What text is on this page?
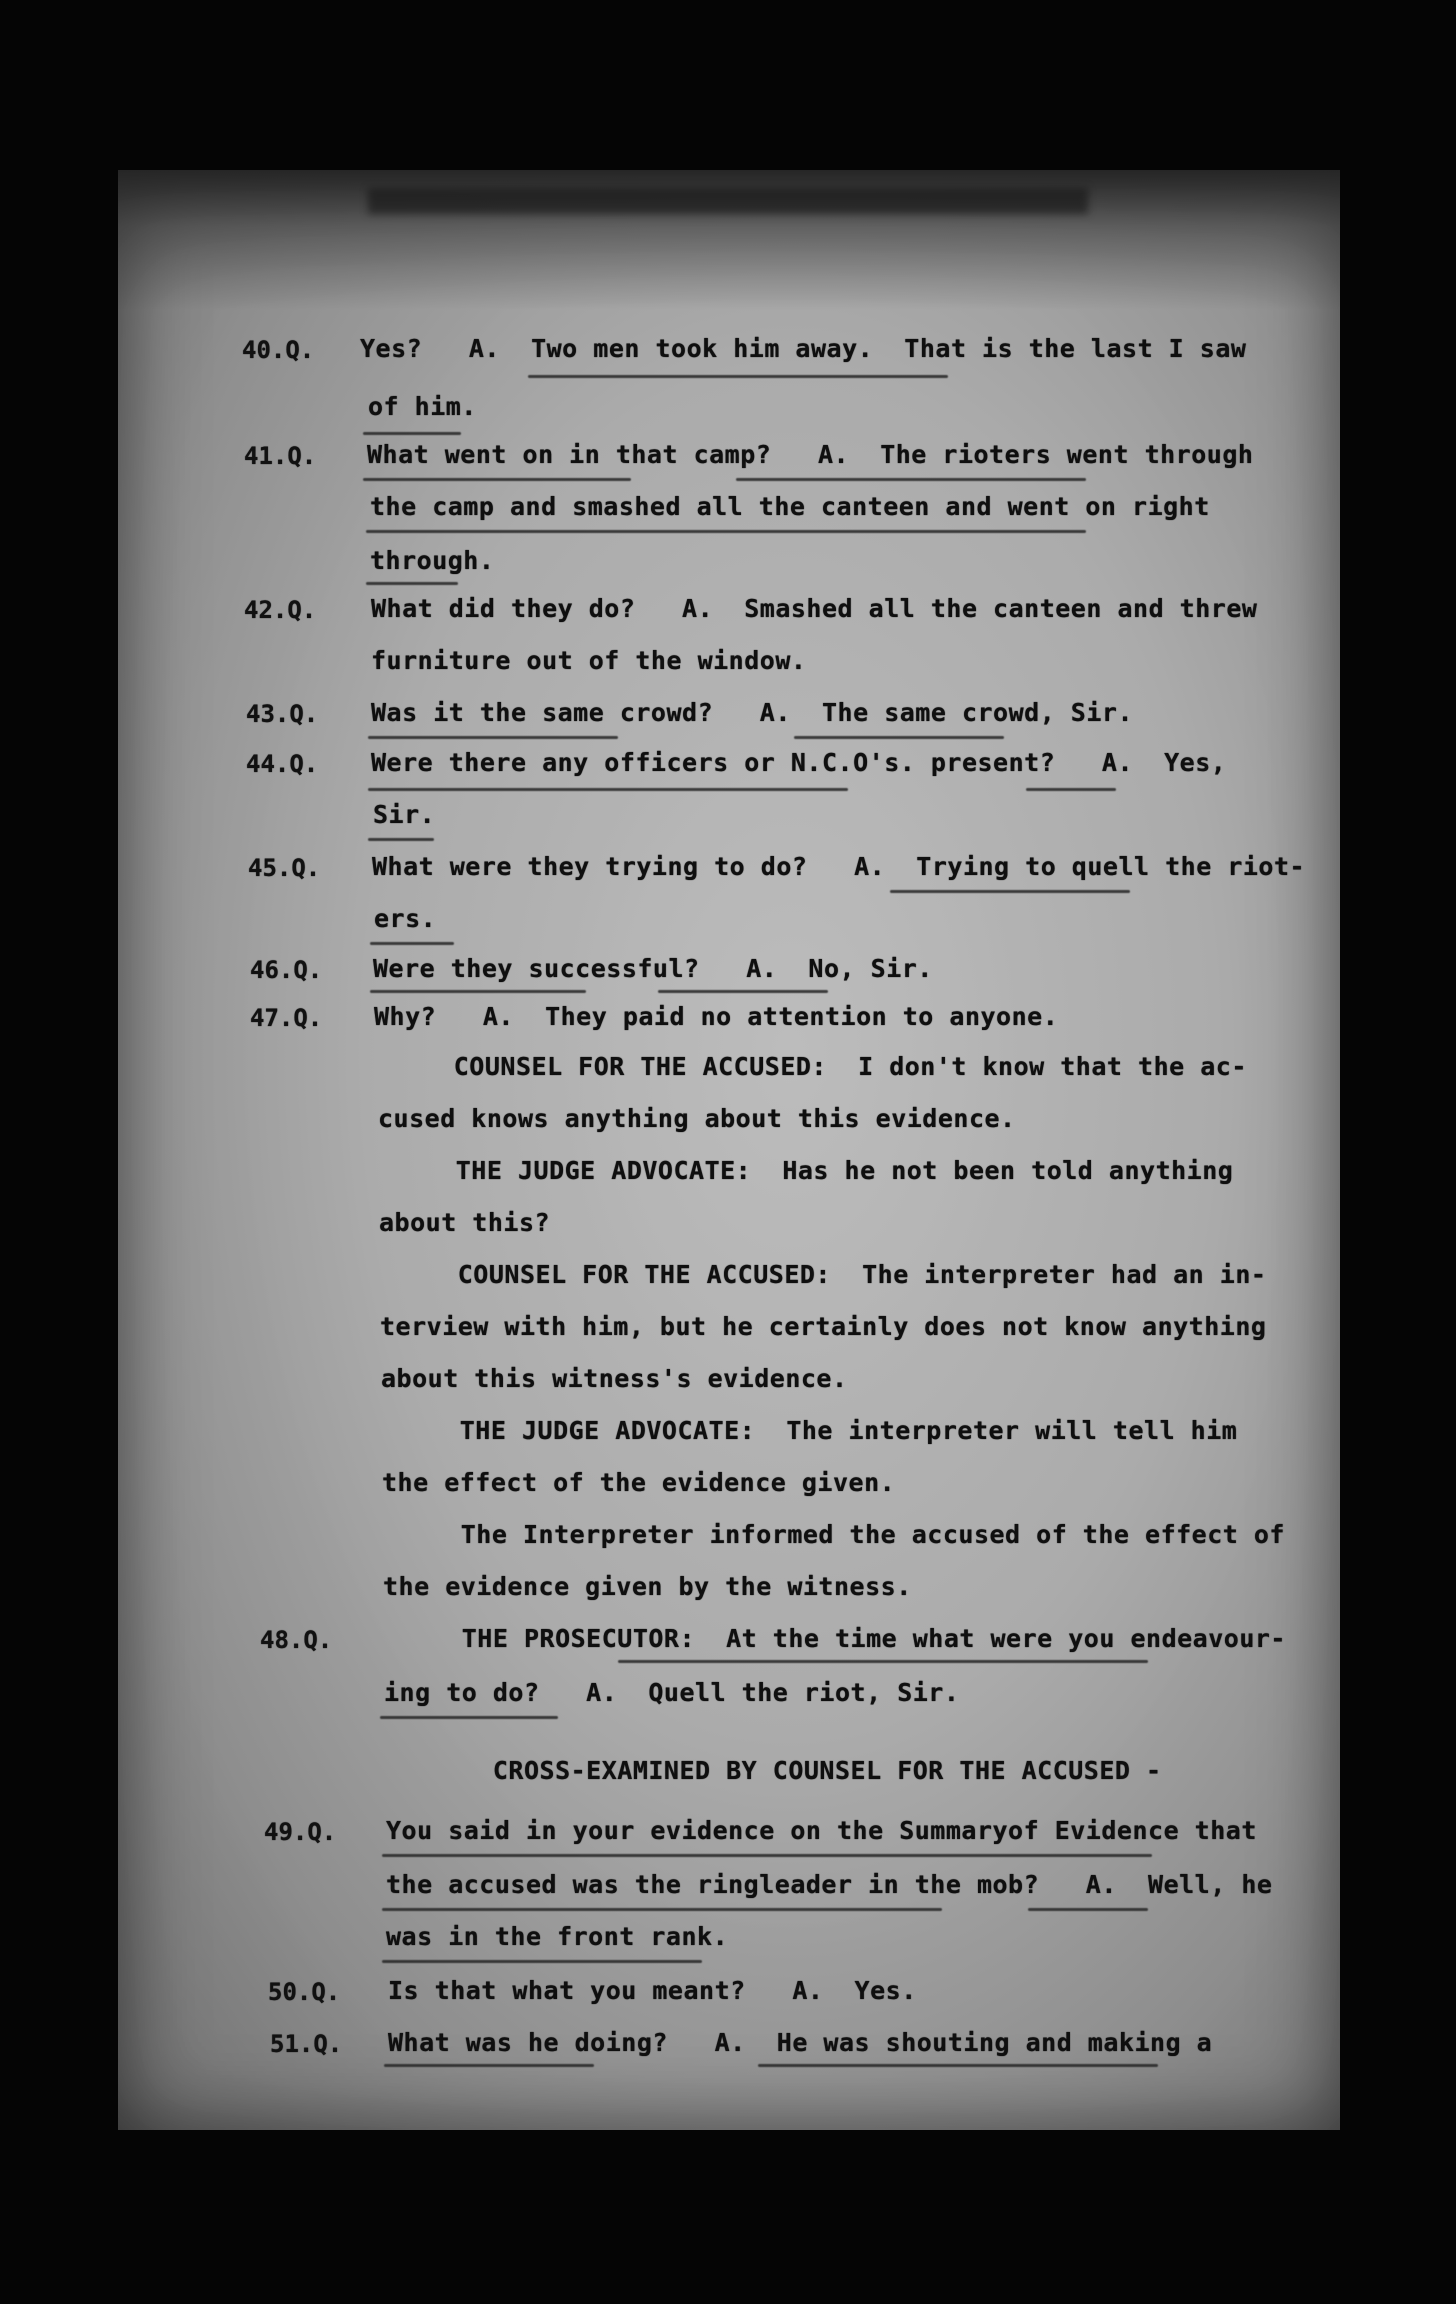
40.Q. Yes?   A.  Two men took him away.  That is the last I saw
of him.
41.Q. What went on in that camp?   A.  The rioters went through
the camp and smashed all the canteen and went on right
through.
42.Q. What did they do?   A.  Smashed all the canteen and threw
furniture out of the window.
43.Q. Was it the same crowd?   A.  The same crowd, Sir.
44.Q. Were there any officers or N.C.O's. present?   A.  Yes,
Sir.
45.Q. What were they trying to do?   A.  Trying to quell the riot-
ers.
46.Q. Were they successful?   A.  No, Sir.
47.Q. Why?   A.  They paid no attention to anyone.
COUNSEL FOR THE ACCUSED:  I don't know that the ac-
cused knows anything about this evidence.
THE JUDGE ADVOCATE:  Has he not been told anything
about this?
COUNSEL FOR THE ACCUSED:  The interpreter had an in-
terview with him, but he certainly does not know anything
about this witness's evidence.
THE JUDGE ADVOCATE:  The interpreter will tell him
the effect of the evidence given.
The Interpreter informed the accused of the effect of
the evidence given by the witness.
48.Q. THE PROSECUTOR:  At the time what were you endeavour-
ing to do?   A.  Quell the riot, Sir.
CROSS-EXAMINED BY COUNSEL FOR THE ACCUSED -
49.Q. You said in your evidence on the Summaryof Evidence that
the accused was the ringleader in the mob?   A.  Well, he
was in the front rank.
50.Q. Is that what you meant?   A.  Yes.
51.Q. What was he doing?   A.  He was shouting and making a
